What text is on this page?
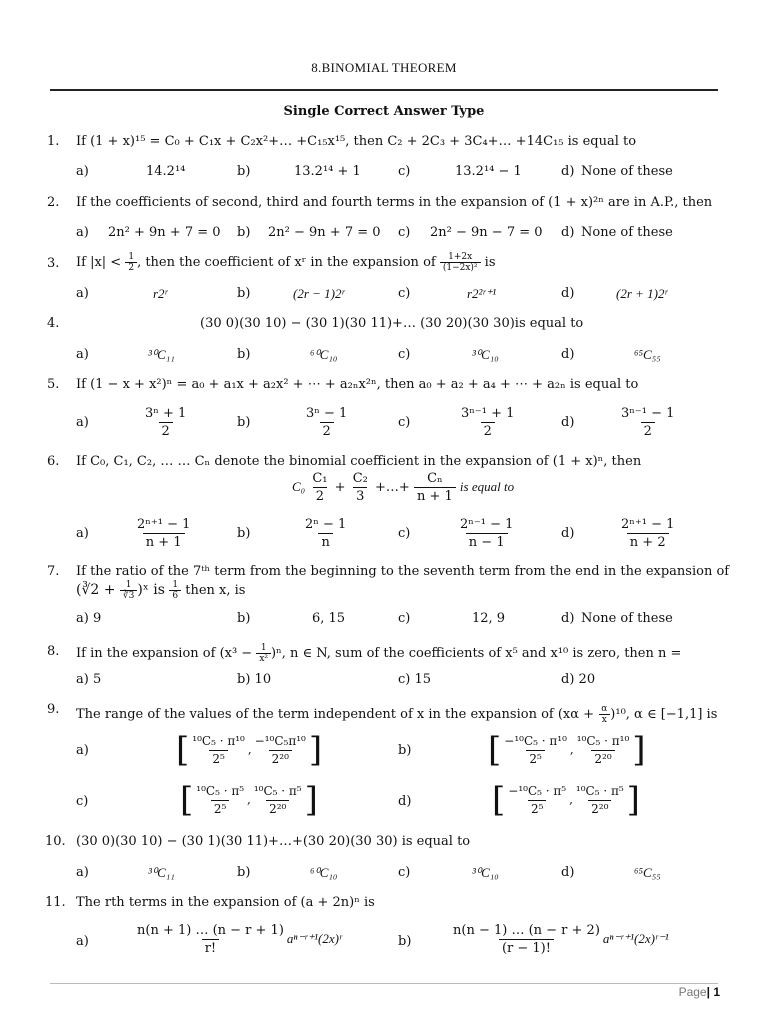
8.BINOMIAL THEOREM
Single Correct Answer Type
1. If (1 + x)¹⁵ = C₀ + C₁x + C₂x²+… +C₁₅x¹⁵, then C₂ + 2C₃ + 3C₄+… +14C₁₅ is equal to
a)	14.2¹⁴	b)	13.2¹⁴ + 1	c)	13.2¹⁴ − 1	d) None of these
2. If the coefficients of second, third and fourth terms in the expansion of (1 + x)²ⁿ are in A.P., then
a) 2n² + 9n + 7 = 0 b) 2n² − 9n + 7 = 0 c) 2n² − 9n − 7 = 0 d) None of these
3. If $|x| < \frac{1}{2}$ , then the coefficient of xʳ in the expansion of $\frac{1+2x}{\text{(1−2x)²}}$ is
a)	r2ʳ	b)	(2r − 1)2ʳ	c)	r2²ʳ⁺¹	d)	(2r + 1)2ʳ
4.	(30 0)(30 10) − (30 1)(30 11)+… (30 20)(30 30)is equal to
a)	³⁰C₁₁	b)	⁶⁰C₁₀	c)	³⁰C₁₀	d)	⁶⁵C₅₅
5. If (1 − x + x²)ⁿ = a₀ + a₁x + a₂x² + ⋯ + a₂ₙx²ⁿ, then a₀ + a₂ + a₄ + ⋯ + a₂ₙ is equal to
a)	$\frac{\text{3ⁿ + 1}}{2}$	b)	$\frac{\text{3ⁿ − 1}}{2}$	c)	$\frac{\text{3ⁿ⁻¹ + 1}}{2}$	d)	$\frac{\text{3ⁿ⁻¹ − 1}}{2}$
6. If C₀, C₁, C₂, … … Cₙ denote the binomial coefficient in the expansion of (1 + x)ⁿ, then
$C_0 \frac{\text{C₁}}{2} + \frac{\text{C₂}}{3}$ +…+ $\frac{\text{Cₙ}}{n + 1}$ is equal to
a)	$\frac{\text{2ⁿ⁺¹ − 1}}{n + 1}$	b)	$\frac{\text{2ⁿ − 1}}{n}$	c)	$\frac{\text{2ⁿ⁻¹ − 1}}{n - 1}$	d)	$\frac{\text{2ⁿ⁺¹ − 1}}{n + 2}$
7. If the ratio of the 7ᵗʰ term from the beginning to the seventh term from the end in the expansion of
(∛2 + $\frac{1}{∛3}$ )ˣ is $\frac{1}{6}$ then x, is
a) 9	b)	6, 15	c)	12, 9	d) None of these
8. If in the expansion of $(x^3 - \frac{1}{\text{x²}} )^n$, n ∈ N, sum of the coefficients of x⁵ and x¹⁰ is zero, then n =
a) 5	b) 10	c) 15	d) 20
9. The range of the values of the term independent of x in the expansion of $(x\alpha + \frac{\alpha}{x} )^{10}$, α ∈ [−1,1] is
a)	[ $\frac{\text{¹⁰C₅ · π¹⁰}}{\text{2⁵}}$ , $\frac{\text{−¹⁰C₅π¹⁰}}{\text{2²⁰}}$ ]	b) [ $\frac{\text{−¹⁰C₅ · π¹⁰}}{\text{2⁵}}$ , $\frac{\text{¹⁰C₅ · π¹⁰}}{\text{2²⁰}}$ ]
c)	[ $\frac{\text{¹⁰C₅ · π⁵}}{\text{2⁵}}$ , $\frac{\text{¹⁰C₅ · π⁵}}{\text{2²⁰}}$ ]	d) [ $\frac{\text{−¹⁰C₅ · π⁵}}{\text{2⁵}}$ , $\frac{\text{¹⁰C₅ · π⁵}}{\text{2²⁰}}$ ]
10. (30 0)(30 10) − (30 1)(30 11)+…+(30 20)(30 30) is equal to
a)	³⁰C₁₁	b)	⁶⁰C₁₀	c)	³⁰C₁₀	d)	⁶⁵C₅₅
11. The rth terms in the expansion of (a + 2n)ⁿ is
a)	$\frac{n(n + 1) \dots (n - r + 1)}{r!}$ aⁿ⁻ʳ⁺¹(2x)ʳ	b)	$\frac{n(n - 1) \dots (n - r + 2)}{(r - 1)!}$ aⁿ⁻ʳ⁺¹(2x)ʳ⁻¹
Page| 1
